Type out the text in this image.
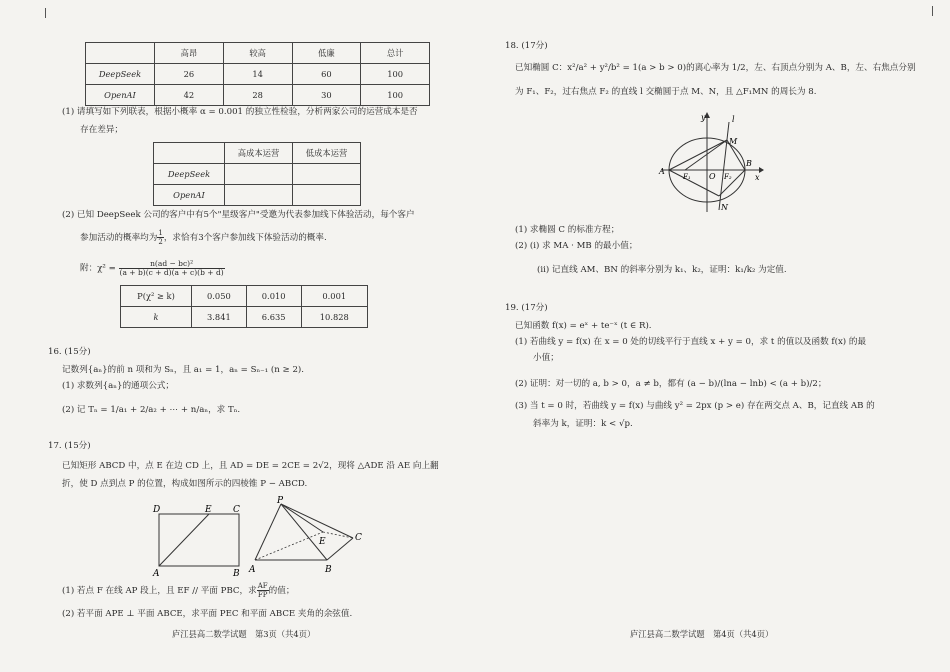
	高昂	较高	低廉	总计
DeepSeek	26	14	60	100
OpenAI	42	28	30	100
(1) 请填写如下列联表，根据小概率 α = 0.001 的独立性检验，分析两家公司的运营成本是否
存在差异；
	高成本运营	低成本运营
DeepSeek		
OpenAI		
(2) 已知 DeepSeek 公司的客户中有5个"星级客户"受邀为代表参加线下体验活动，每个客户
参加活动的概率均为 $\frac{1}{2}$ ，求恰有3个客户参加线下体验活动的概率.
附：$\chi^2 = \frac{\text{n(ad − bc)²}}{(a + b)(c + d)(a + c)(b + d)}$
P(χ² ≥ k)	0.050	0.010	0.001
k	3.841	6.635	10.828
16. (15分)
记数列{aₙ}的前 n 项和为 Sₙ，且 a₁ = 1，aₙ = Sₙ₋₁ (n ≥ 2).
(1) 求数列{aₙ}的通项公式；
(2) 记 Tₙ = 1/a₁ + 2/a₂ + ⋯ + n/aₙ，求 Tₙ.
17. (15分)
已知矩形 ABCD 中，点 E 在边 CD 上，且 AD = DE = 2CE = 2√2，现将 △ADE 沿 AE 向上翻
折，使 D 点到点 P 的位置，构成如图所示的四棱锥 P − ABCD.
D	E C
A	B
P
E	C
A	B
(1) 若点 F 在线 AP 段上，且 EF // 平面 PBC，求 $\frac{AF}{FP}$ 的值；
(2) 若平面 APE ⊥ 平面 ABCE，求平面 PEC 和平面 ABCE 夹角的余弦值.
庐江县高二数学试题　第3页（共4页）
18. (17分)
已知椭圆 C：x²/a² + y²/b² = 1(a > b > 0)的离心率为 1/2，左、右顶点分别为 A、B，左、右焦点分别
为 F₁、F₂，过右焦点 F₂ 的直线 l 交椭圆于点 M、N，且 △F₁MN 的周长为 8.
y	l
M
A
F₁ O F₂
B
x
N
(1) 求椭圆 C 的标准方程；
(2) (i) 求 MA · MB 的最小值；
(ii) 记直线 AM、BN 的斜率分别为 k₁、k₂，证明：k₁/k₂ 为定值.
19. (17分)
已知函数 f(x) = eˣ + te⁻ˣ (t ∈ R).
(1) 若曲线 y = f(x) 在 x = 0 处的切线平行于直线 x + y = 0，求 t 的值以及函数 f(x) 的最
小值；
(2) 证明：对一切的 a, b > 0，a ≠ b，都有 (a − b)/(lna − lnb) < (a + b)/2；
(3) 当 t = 0 时，若曲线 y = f(x) 与曲线 y² = 2px (p > e) 存在两交点 A、B，记直线 AB 的
斜率为 k，证明：k < √p.
庐江县高二数学试题　第4页（共4页）
